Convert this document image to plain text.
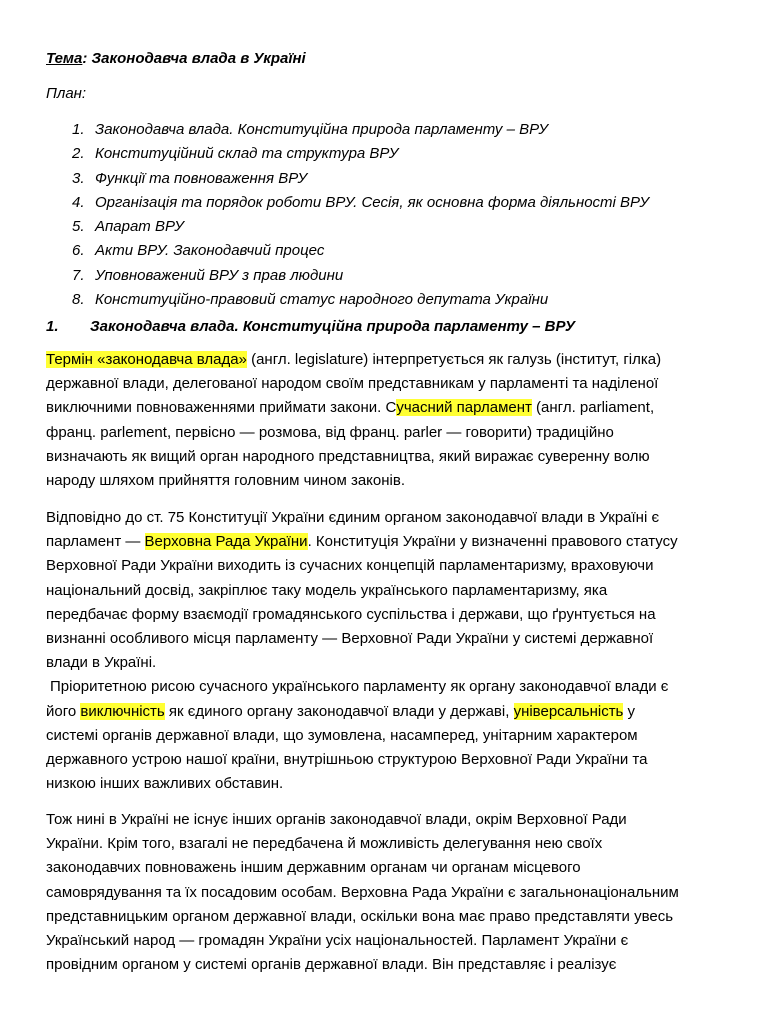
Тема: Законодавча влада в Україні
План:
1. Законодавча влада. Конституційна природа парламенту – ВРУ
2. Конституційний склад та структура ВРУ
3. Функції та повноваження ВРУ
4. Організація та порядок роботи ВРУ. Сесія, як основна форма діяльності ВРУ
5. Апарат ВРУ
6. Акти ВРУ. Законодавчий процес
7. Уповноважений ВРУ з прав людини
8. Конституційно-правовий статус народного депутата України
1. Законодавча влада. Конституційна природа парламенту – ВРУ

Термін «законодавча влада» (англ. legislature) інтерпретується як галузь (інститут, гілка)
державної влади, делегованої народом своїм представникам у парламенті та наділеної
виключними повноваженнями приймати закони. Сучасний парламент (англ. parliament,
франц. parlement, первісно — розмова, від франц. parler — говорити) традиційно
визначають як вищий орган народного представництва, який виражає суверенну волю
народу шляхом прийняття головним чином законів.

Відповідно до ст. 75 Конституції України єдиним органом законодавчої влади в Україні є
парламент — Верховна Рада України. Конституція України у визначенні правового статусу
Верховної Ради України виходить із сучасних концепцій парламентаризму, враховуючи
національний досвід, закріплює таку модель українського парламентаризму, яка
передбачає форму взаємодії громадянського суспільства і держави, що ґрунтується на
визнанні особливого місця парламенту — Верховної Ради України у системі державної
влади в Україні.
Пріоритетною рисою сучасного українського парламенту як органу законодавчої влади є
його виключність як єдиного органу законодавчої влади у державі, універсальність у
системі органів державної влади, що зумовлена, насамперед, унітарним характером
державного устрою нашої країни, внутрішньою структурою Верховної Ради України та
низкою інших важливих обставин.

Тож нині в Україні не існує інших органів законодавчої влади, окрім Верховної Ради
України. Крім того, взагалі не передбачена й можливість делегування нею своїх
законодавчих повноважень іншим державним органам чи органам місцевого
самоврядування та їх посадовим особам. Верховна Рада України є загальнонаціональним
представницьким органом державної влади, оскільки вона має право представляти увесь
Український народ — громадян України усіх національностей. Парламент України є
провідним органом у системі органів державної влади. Він представляє і реалізує
